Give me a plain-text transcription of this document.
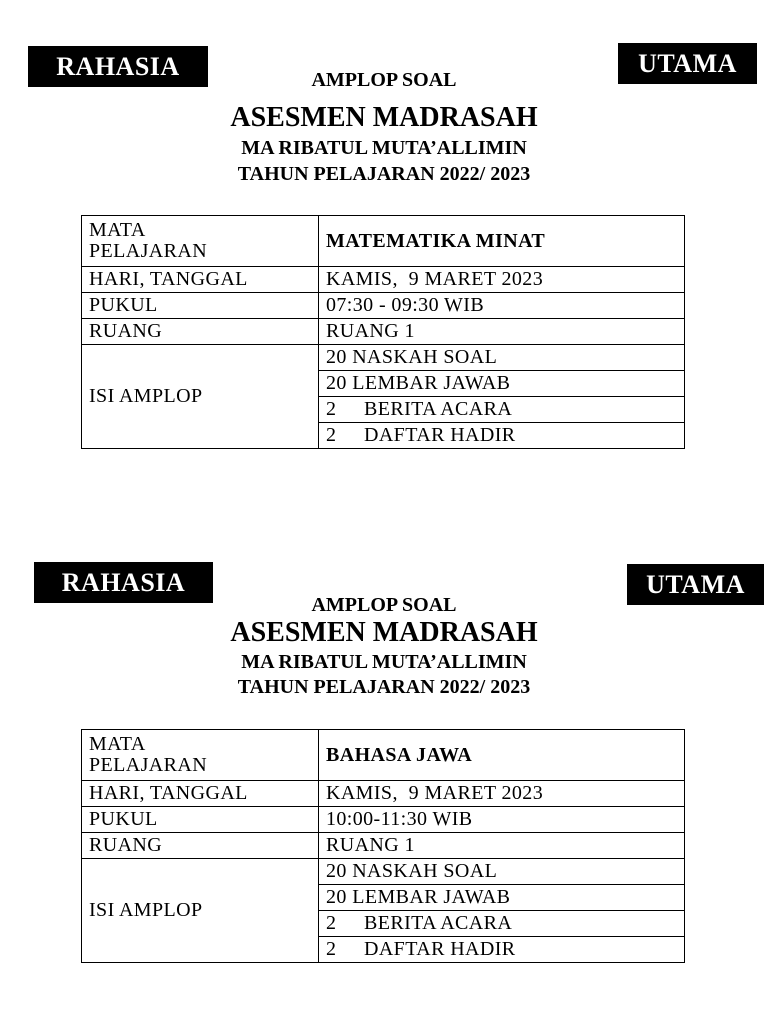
RAHASIA	UTAMA
AMPLOP SOAL
ASESMEN MADRASAH
MA RIBATUL MUTA’ALLIMIN
TAHUN PELAJARAN 2022/ 2023
MATA
PELAJARAN	MATEMATIKA MINAT
HARI, TANGGAL	KAMIS,  9 MARET 2023
PUKUL	07:30 - 09:30 WIB
RUANG	RUANG 1
ISI AMPLOP	20 NASKAH SOAL
	20 LEMBAR JAWAB
	2 BERITA ACARA
	2 DAFTAR HADIR
RAHASIA	UTAMA
AMPLOP SOAL
ASESMEN MADRASAH
MA RIBATUL MUTA’ALLIMIN
TAHUN PELAJARAN 2022/ 2023
MATA
PELAJARAN	BAHASA JAWA
HARI, TANGGAL	KAMIS,  9 MARET 2023
PUKUL	10:00-11:30 WIB
RUANG	RUANG 1
ISI AMPLOP	20 NASKAH SOAL
	20 LEMBAR JAWAB
	2 BERITA ACARA
	2 DAFTAR HADIR
